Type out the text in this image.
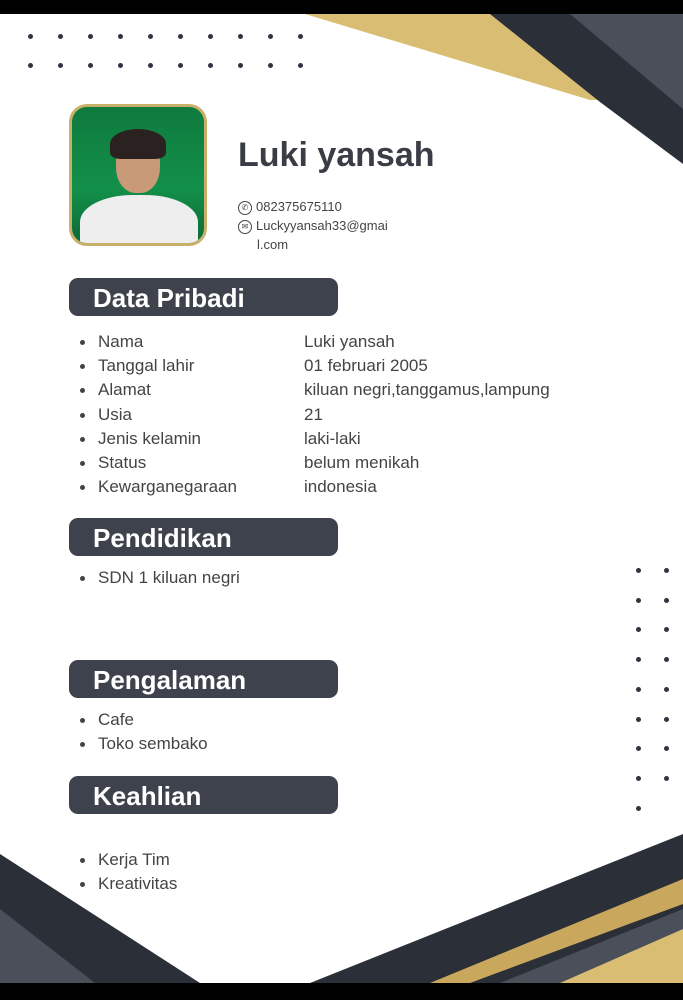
Luki yansah
✆ 082375675110
✉ Luckyyansah33@gmai
l.com
Data Pribadi
Nama	Luki yansah
Tanggal lahir	01 februari 2005
Alamat	kiluan negri,tanggamus,lampung
Usia	21
Jenis kelamin	laki-laki
Status	belum menikah
Kewarganegaraan	indonesia
Pendidikan
SDN 1 kiluan negri
Pengalaman
Cafe
Toko sembako
Keahlian
Kerja Tim
Kreativitas
